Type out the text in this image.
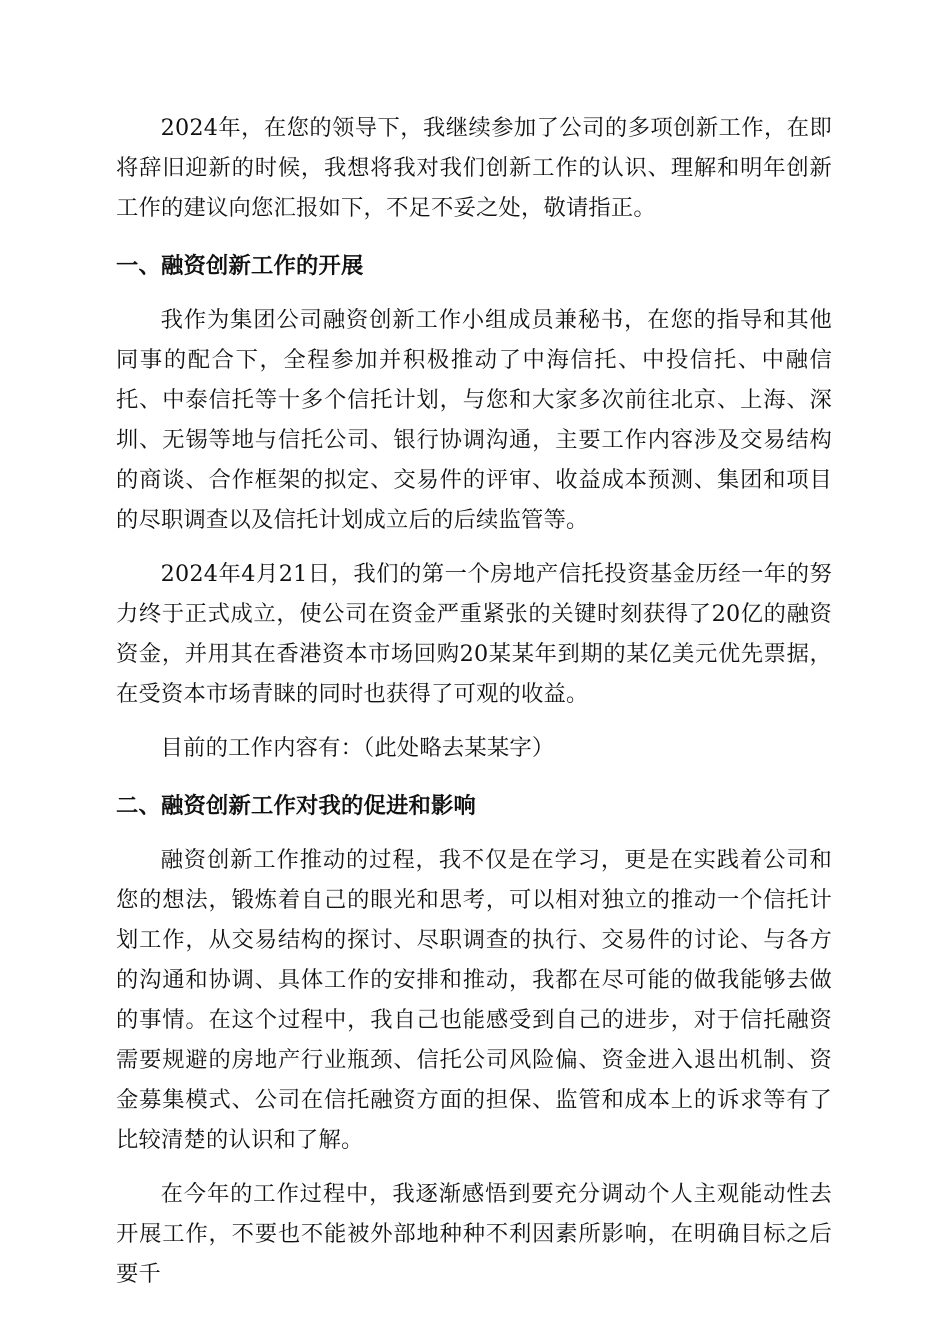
2024年，在您的领导下，我继续参加了公司的多项创新工作，在即将辞旧迎新的时候，我想将我对我们创新工作的认识、理解和明年创新工作的建议向您汇报如下，不足不妥之处，敬请指正。

一、融资创新工作的开展

我作为集团公司融资创新工作小组成员兼秘书，在您的指导和其他同事的配合下，全程参加并积极推动了中海信托、中投信托、中融信托、中泰信托等十多个信托计划，与您和大家多次前往北京、上海、深圳、无锡等地与信托公司、银行协调沟通，主要工作内容涉及交易结构的商谈、合作框架的拟定、交易件的评审、收益成本预测、集团和项目的尽职调查以及信托计划成立后的后续监管等。

2024年4月21日，我们的第一个房地产信托投资基金历经一年的努力终于正式成立，使公司在资金严重紧张的关键时刻获得了20亿的融资资金，并用其在香港资本市场回购20某某年到期的某亿美元优先票据，在受资本市场青睐的同时也获得了可观的收益。

目前的工作内容有：（此处略去某某字）

二、融资创新工作对我的促进和影响

融资创新工作推动的过程，我不仅是在学习，更是在实践着公司和您的想法，锻炼着自己的眼光和思考，可以相对独立的推动一个信托计划工作，从交易结构的探讨、尽职调查的执行、交易件的讨论、与各方的沟通和协调、具体工作的安排和推动，我都在尽可能的做我能够去做的事情。在这个过程中，我自己也能感受到自己的进步，对于信托融资需要规避的房地产行业瓶颈、信托公司风险偏、资金进入退出机制、资金募集模式、公司在信托融资方面的担保、监管和成本上的诉求等有了比较清楚的认识和了解。

在今年的工作过程中，我逐渐感悟到要充分调动个人主观能动性去开展工作，不要也不能被外部地种种不利因素所影响，在明确目标之后要千
